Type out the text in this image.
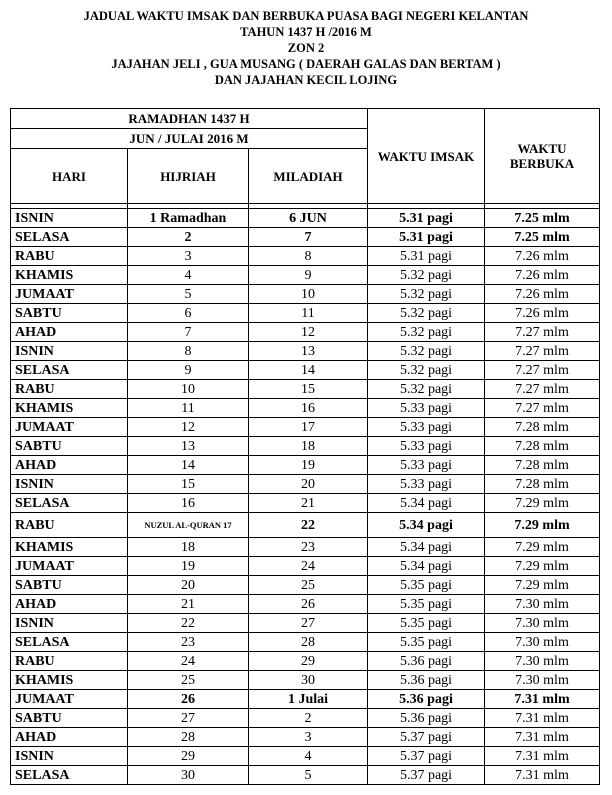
JADUAL WAKTU IMSAK DAN BERBUKA PUASA BAGI NEGERI KELANTAN
TAHUN 1437 H /2016 M
ZON 2
JAJAHAN JELI , GUA MUSANG ( DAERAH GALAS DAN BERTAM )
DAN JAJAHAN KECIL LOJING
RAMADHAN 1437 H			WAKTU IMSAK	WAKTU BERBUKA
JUN / JULAI 2016 M				
HARI	HIJRIAH	MILADIAH		

ISNIN	1 Ramadhan	6 JUN	5.31 pagi	7.25 mlm
SELASA	2	7	5.31 pagi	7.25 mlm
RABU	3	8	5.31 pagi	7.26 mlm
KHAMIS	4	9	5.32 pagi	7.26 mlm
JUMAAT	5	10	5.32 pagi	7.26 mlm
SABTU	6	11	5.32 pagi	7.26 mlm
AHAD	7	12	5.32 pagi	7.27 mlm
ISNIN	8	13	5.32 pagi	7.27 mlm
SELASA	9	14	5.32 pagi	7.27 mlm
RABU	10	15	5.32 pagi	7.27 mlm
KHAMIS	11	16	5.33 pagi	7.27 mlm
JUMAAT	12	17	5.33 pagi	7.28 mlm
SABTU	13	18	5.33 pagi	7.28 mlm
AHAD	14	19	5.33 pagi	7.28 mlm
ISNIN	15	20	5.33 pagi	7.28 mlm
SELASA	16	21	5.34 pagi	7.29 mlm
RABU	NUZUL AL-QURAN 17	22	5.34 pagi	7.29 mlm
KHAMIS	18	23	5.34 pagi	7.29 mlm
JUMAAT	19	24	5.34 pagi	7.29 mlm
SABTU	20	25	5.35 pagi	7.29 mlm
AHAD	21	26	5.35 pagi	7.30 mlm
ISNIN	22	27	5.35 pagi	7.30 mlm
SELASA	23	28	5.35 pagi	7.30 mlm
RABU	24	29	5.36 pagi	7.30 mlm
KHAMIS	25	30	5.36 pagi	7.30 mlm
JUMAAT	26	1 Julai	5.36 pagi	7.31 mlm
SABTU	27	2	5.36 pagi	7.31 mlm
AHAD	28	3	5.37 pagi	7.31 mlm
ISNIN	29	4	5.37 pagi	7.31 mlm
SELASA	30	5	5.37 pagi	7.31 mlm
